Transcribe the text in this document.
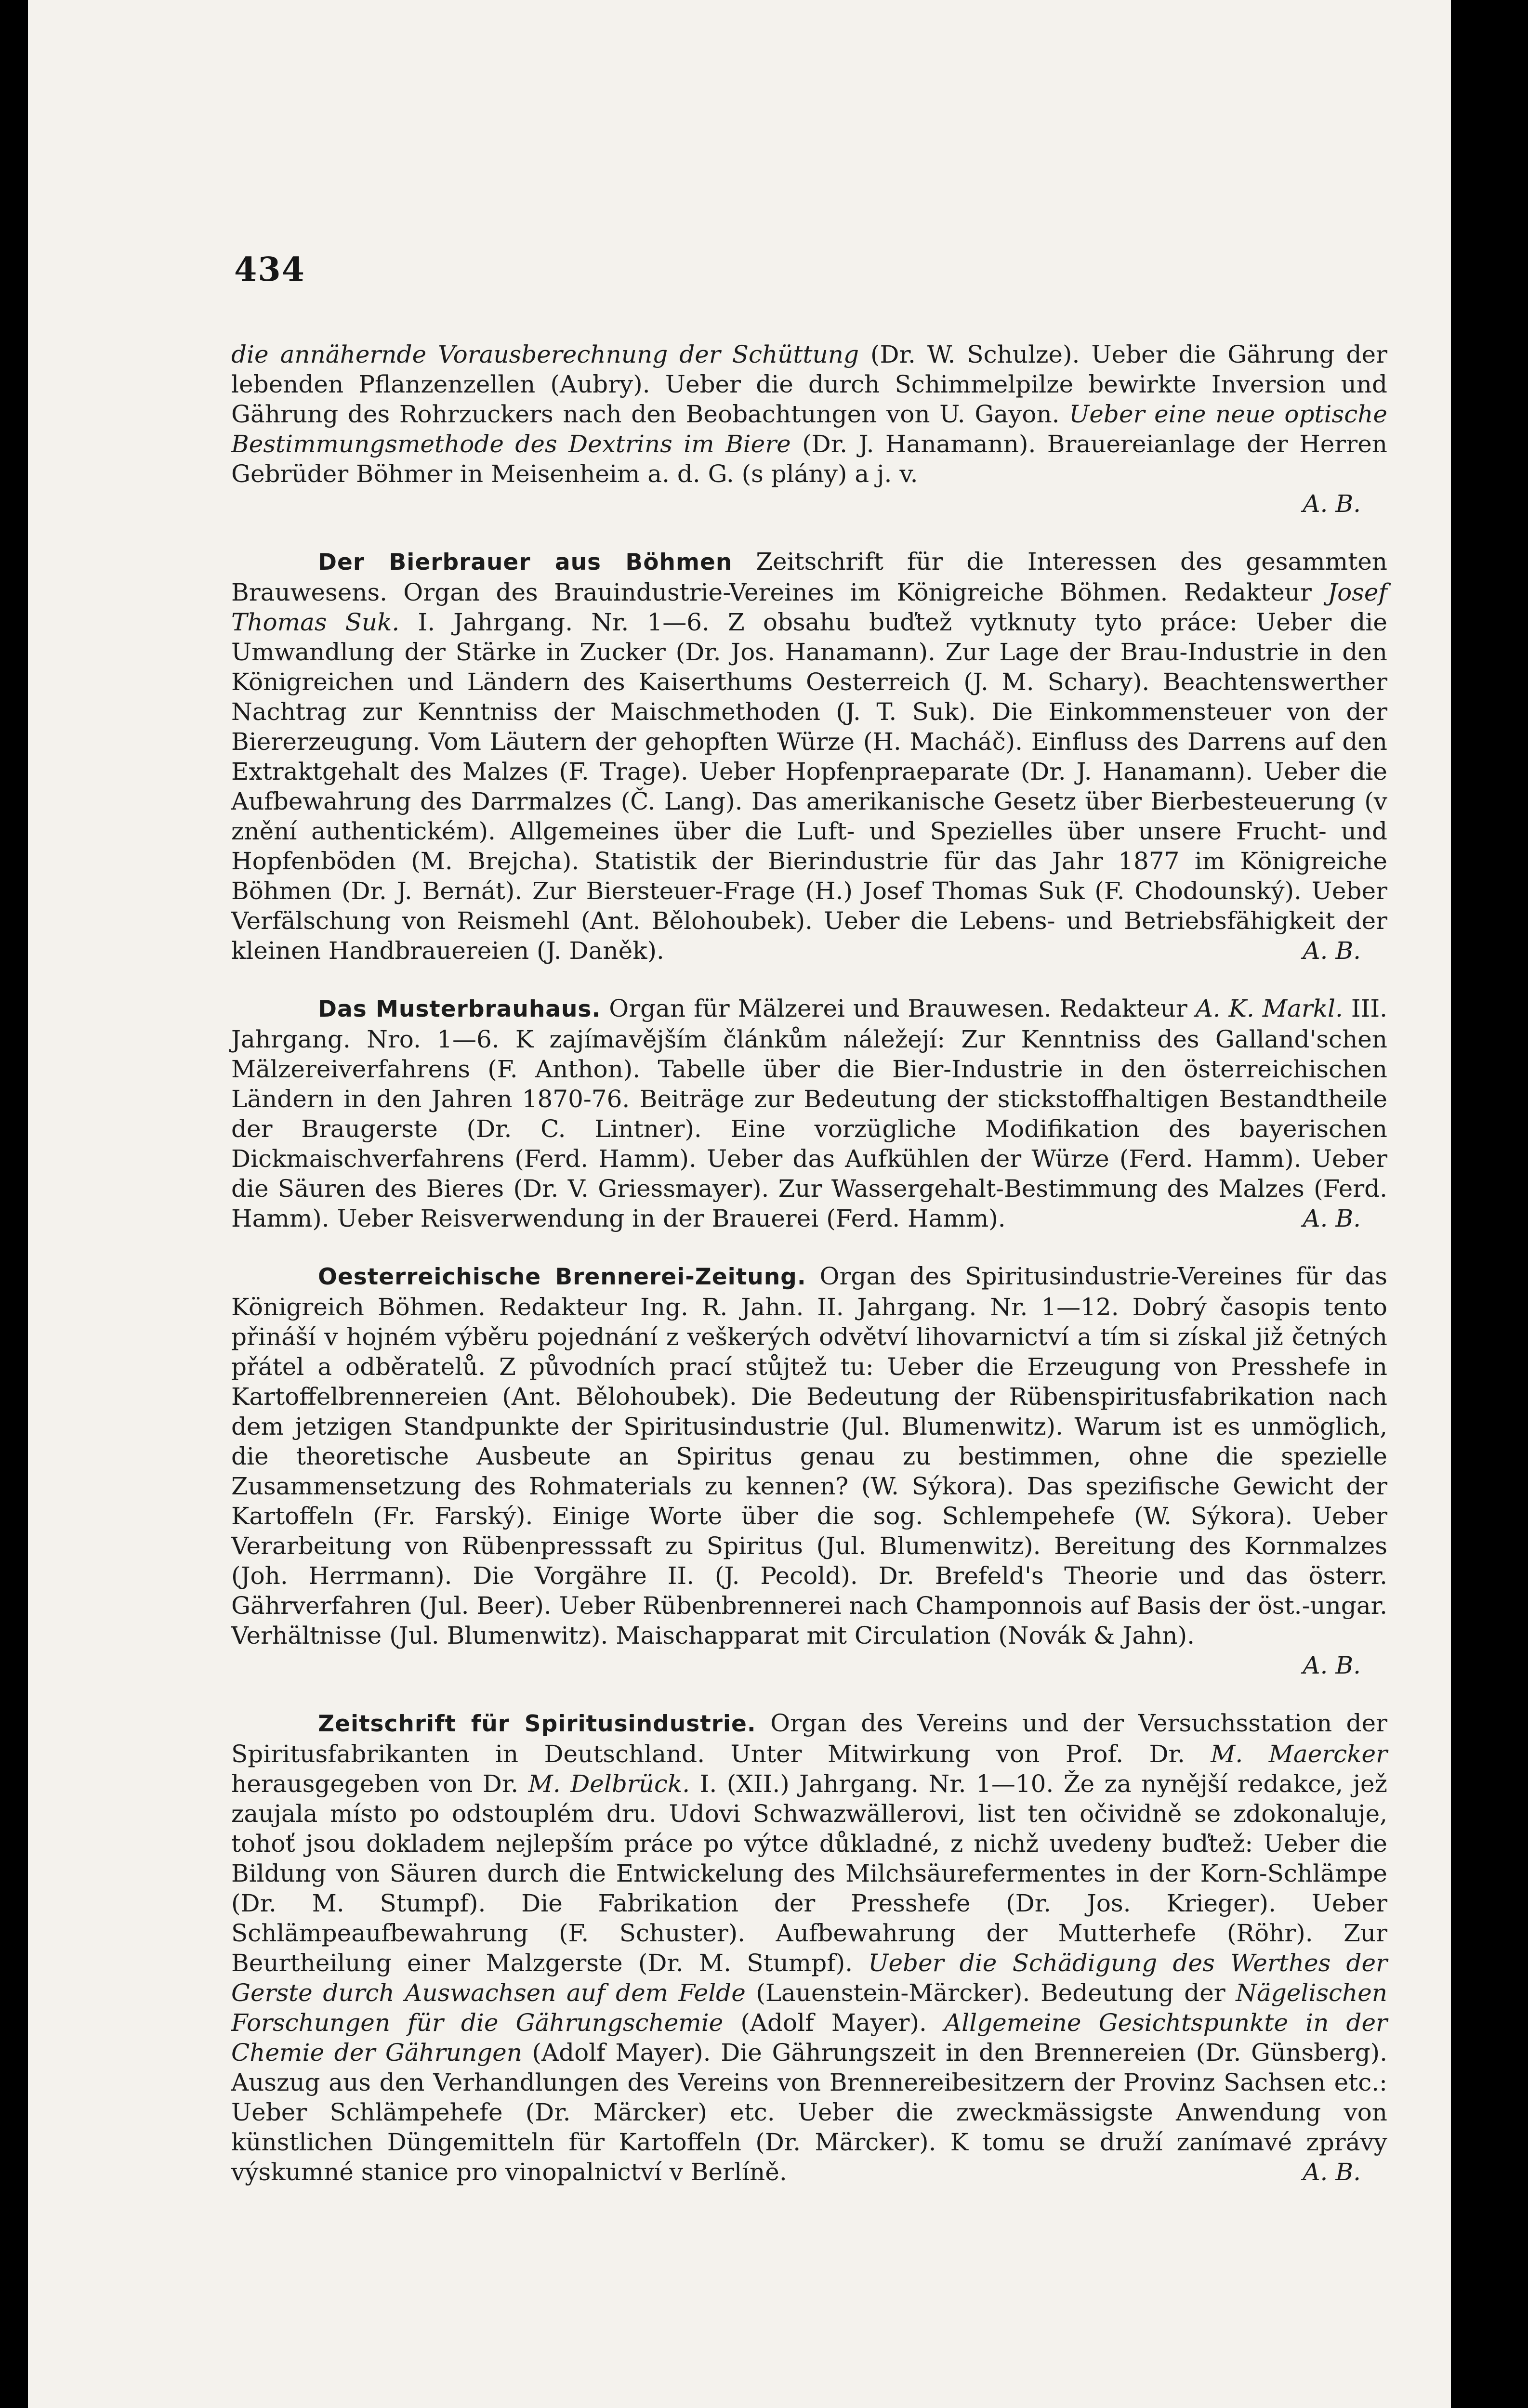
434

die annähernde Vorausberechnung der Schüttung (Dr. W. Schulze). Ueber die Gährung der lebenden Pflanzenzellen (Aubry). Ueber die durch Schimmelpilze bewirkte Inversion und Gährung des Rohrzuckers nach den Beobachtungen von U. Gayon. Ueber eine neue optische Bestimmungsmethode des Dextrins im Biere (Dr. J. Hanamann). Brauereianlage der Herren Gebrüder Böhmer in Meisenheim a. d. G. (s plány) a j. v.
A. B.

Der Bierbrauer aus Böhmen Zeitschrift für die Interessen des gesammten Brauwesens. Organ des Brauindustrie-Vereines im Königreiche Böhmen. Redakteur Josef Thomas Suk. I. Jahrgang. Nr. 1—6. Z obsahu buďtež vytknuty tyto práce: Ueber die Umwandlung der Stärke in Zucker (Dr. Jos. Hanamann). Zur Lage der Brau-Industrie in den Königreichen und Ländern des Kaiserthums Oesterreich (J. M. Schary). Beachtenswerther Nachtrag zur Kenntniss der Maischmethoden (J. T. Suk). Die Einkommensteuer von der Biererzeugung. Vom Läutern der gehopften Würze (H. Macháč). Einfluss des Darrens auf den Extraktgehalt des Malzes (F. Trage). Ueber Hopfenpraeparate (Dr. J. Hanamann). Ueber die Aufbewahrung des Darrmalzes (Č. Lang). Das amerikanische Gesetz über Bierbesteuerung (v znění authentickém). Allgemeines über die Luft- und Spezielles über unsere Frucht- und Hopfenböden (M. Brejcha). Statistik der Bierindustrie für das Jahr 1877 im Königreiche Böhmen (Dr. J. Bernát). Zur Biersteuer-Frage (H.) Josef Thomas Suk (F. Chodounský). Ueber Verfälschung von Reismehl (Ant. Bělohoubek). Ueber die Lebens- und Betriebsfähigkeit der kleinen Handbrauereien (J. Daněk).	A. B.

Das Musterbrauhaus. Organ für Mälzerei und Brauwesen. Redakteur A. K. Markl. III. Jahrgang. Nro. 1—6. K zajímavějším článkům náležejí: Zur Kenntniss des Galland'schen Mälzereiverfahrens (F. Anthon). Tabelle über die Bier-Industrie in den österreichischen Ländern in den Jahren 1870-76. Beiträge zur Bedeutung der stickstoffhaltigen Bestandtheile der Braugerste (Dr. C. Lintner). Eine vorzügliche Modifikation des bayerischen Dickmaischverfahrens (Ferd. Hamm). Ueber das Aufkühlen der Würze (Ferd. Hamm). Ueber die Säuren des Bieres (Dr. V. Griessmayer). Zur Wassergehalt-Bestimmung des Malzes (Ferd. Hamm). Ueber Reisverwendung in der Brauerei (Ferd. Hamm).	A. B.

Oesterreichische Brennerei-Zeitung. Organ des Spiritusindustrie-Vereines für das Königreich Böhmen. Redakteur Ing. R. Jahn. II. Jahrgang. Nr. 1—12. Dobrý časopis tento přináší v hojném výběru pojednání z veškerých odvětví lihovarnictví a tím si získal již četných přátel a odběratelů. Z původních prací stůjtež tu: Ueber die Erzeugung von Presshefe in Kartoffelbrennereien (Ant. Bělohoubek). Die Bedeutung der Rübenspiritusfabrikation nach dem jetzigen Standpunkte der Spiritusindustrie (Jul. Blumenwitz). Warum ist es unmöglich, die theoretische Ausbeute an Spiritus genau zu bestimmen, ohne die spezielle Zusammensetzung des Rohmaterials zu kennen? (W. Sýkora). Das spezifische Gewicht der Kartoffeln (Fr. Farský). Einige Worte über die sog. Schlempehefe (W. Sýkora). Ueber Verarbeitung von Rübenpresssaft zu Spiritus (Jul. Blumenwitz). Bereitung des Kornmalzes (Joh. Herrmann). Die Vorgähre II. (J. Pecold). Dr. Brefeld's Theorie und das österr. Gährverfahren (Jul. Beer). Ueber Rübenbrennerei nach Champonnois auf Basis der öst.-ungar. Verhältnisse (Jul. Blumenwitz). Maischapparat mit Circulation (Novák & Jahn).
A. B.

Zeitschrift für Spiritusindustrie. Organ des Vereins und der Versuchsstation der Spiritusfabrikanten in Deutschland. Unter Mitwirkung von Prof. Dr. M. Maercker herausgegeben von Dr. M. Delbrück. I. (XII.) Jahrgang. Nr. 1—10. Že za nynější redakce, jež zaujala místo po odstouplém dru. Udovi Schwazwällerovi, list ten očividně se zdokonaluje, tohoť jsou dokladem nejlepším práce po výtce důkladné, z nichž uvedeny buďtež: Ueber die Bildung von Säuren durch die Entwickelung des Milchsäurefermentes in der Korn-Schlämpe (Dr. M. Stumpf). Die Fabrikation der Presshefe (Dr. Jos. Krieger). Ueber Schlämpeaufbewahrung (F. Schuster). Aufbewahrung der Mutterhefe (Röhr). Zur Beurtheilung einer Malzgerste (Dr. M. Stumpf). Ueber die Schädigung des Werthes der Gerste durch Auswachsen auf dem Felde (Lauenstein-Märcker). Bedeutung der Nägelischen Forschungen für die Gährungschemie (Adolf Mayer). Allgemeine Gesichtspunkte in der Chemie der Gährungen (Adolf Mayer). Die Gährungszeit in den Brennereien (Dr. Günsberg). Auszug aus den Verhandlungen des Vereins von Brennereibesitzern der Provinz Sachsen etc.: Ueber Schlämpehefe (Dr. Märcker) etc. Ueber die zweckmässigste Anwendung von künstlichen Düngemitteln für Kartoffeln (Dr. Märcker). K tomu se druží zanímavé zprávy výskumné stanice pro vinopalnictví v Berlíně.	A. B.
